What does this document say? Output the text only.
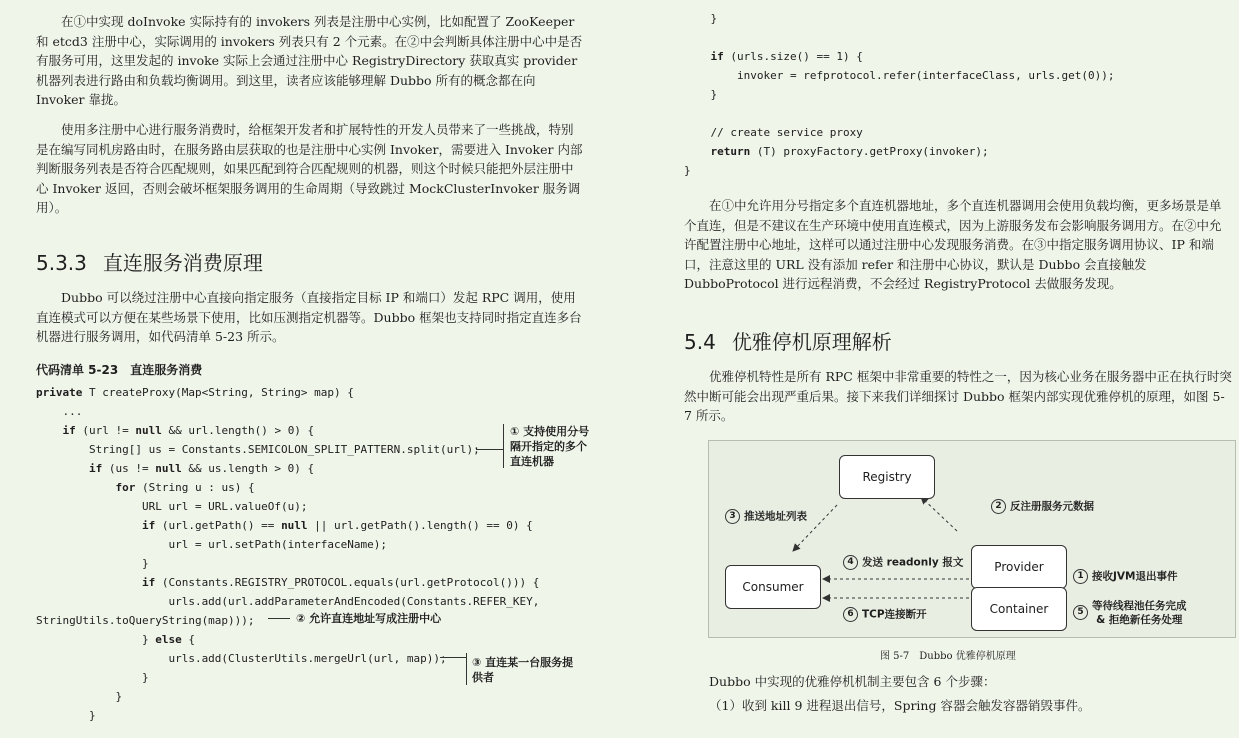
在①中实现 doInvoke 实际持有的 invokers 列表是注册中心实例，比如配置了 ZooKeeper 和 etcd3 注册中心，实际调用的 invokers 列表只有 2 个元素。在②中会判断具体注册中心中是否有服务可用，这里发起的 invoke 实际上会通过注册中心 RegistryDirectory 获取真实 provider 机器列表进行路由和负载均衡调用。到这里，读者应该能够理解 Dubbo 所有的概念都在向 Invoker 靠拢。

使用多注册中心进行服务消费时，给框架开发者和扩展特性的开发人员带来了一些挑战，特别是在编写同机房路由时，在服务路由层获取的也是注册中心实例 Invoker，需要进入 Invoker 内部判断服务列表是否符合匹配规则，如果匹配到符合匹配规则的机器，则这个时候只能把外层注册中心 Invoker 返回，否则会破坏框架服务调用的生命周期（导致跳过 MockClusterInvoker 服务调用）。

5.3.3 直连服务消费原理

Dubbo 可以绕过注册中心直接向指定服务（直接指定目标 IP 和端口）发起 RPC 调用，使用直连模式可以方便在某些场景下使用，比如压测指定机器等。Dubbo 框架也支持同时指定直连多台机器进行服务调用，如代码清单 5-23 所示。

代码清单 5-23　直连服务消费
private T createProxy(Map<String, String> map) {
...
if (url != null && url.length() > 0) {
String[] us = Constants.SEMICOLON_SPLIT_PATTERN.split(url);
if (us != null && us.length > 0) {
for (String u : us) {
URL url = URL.valueOf(u);
if (url.getPath() == null || url.getPath().length() == 0) {
url = url.setPath(interfaceName);
}
if (Constants.REGISTRY_PROTOCOL.equals(url.getProtocol())) {
urls.add(url.addParameterAndEncoded(Constants.REFER_KEY,
StringUtils.toQueryString(map)));
} else {
urls.add(ClusterUtils.mergeUrl(url, map));
}
}
}
① 支持使用分号隔开指定的多个直连机器
② 允许直连地址写成注册中心
③ 直连某一台服务提供者
}

if (urls.size() == 1) {
invoker = refprotocol.refer(interfaceClass, urls.get(0));
}

// create service proxy
return (T) proxyFactory.getProxy(invoker);
}

在①中允许用分号指定多个直连机器地址，多个直连机器调用会使用负载均衡，更多场景是单个直连，但是不建议在生产环境中使用直连模式，因为上游服务发布会影响服务调用方。在②中允许配置注册中心地址，这样可以通过注册中心发现服务消费。在③中指定服务调用协议、IP 和端口，注意这里的 URL 没有添加 refer 和注册中心协议，默认是 Dubbo 会直接触发 DubboProtocol 进行远程消费，不会经过 RegistryProtocol 去做服务发现。

5.4 优雅停机原理解析

优雅停机特性是所有 RPC 框架中非常重要的特性之一，因为核心业务在服务器中正在执行时突然中断可能会出现严重后果。接下来我们详细探讨 Dubbo 框架内部实现优雅停机的原理，如图 5-7 所示。

Registry
Consumer
Provider
Container
3 推送地址列表
2 反注册服务元数据
4 发送 readonly 报文
6 TCP连接断开
1 接收JVM退出事件
5 等待线程池任务完成
& 拒绝新任务处理
图 5-7　Dubbo 优雅停机原理

Dubbo 中实现的优雅停机机制主要包含 6 个步骤：

（1）收到 kill 9 进程退出信号，Spring 容器会触发容器销毁事件。
